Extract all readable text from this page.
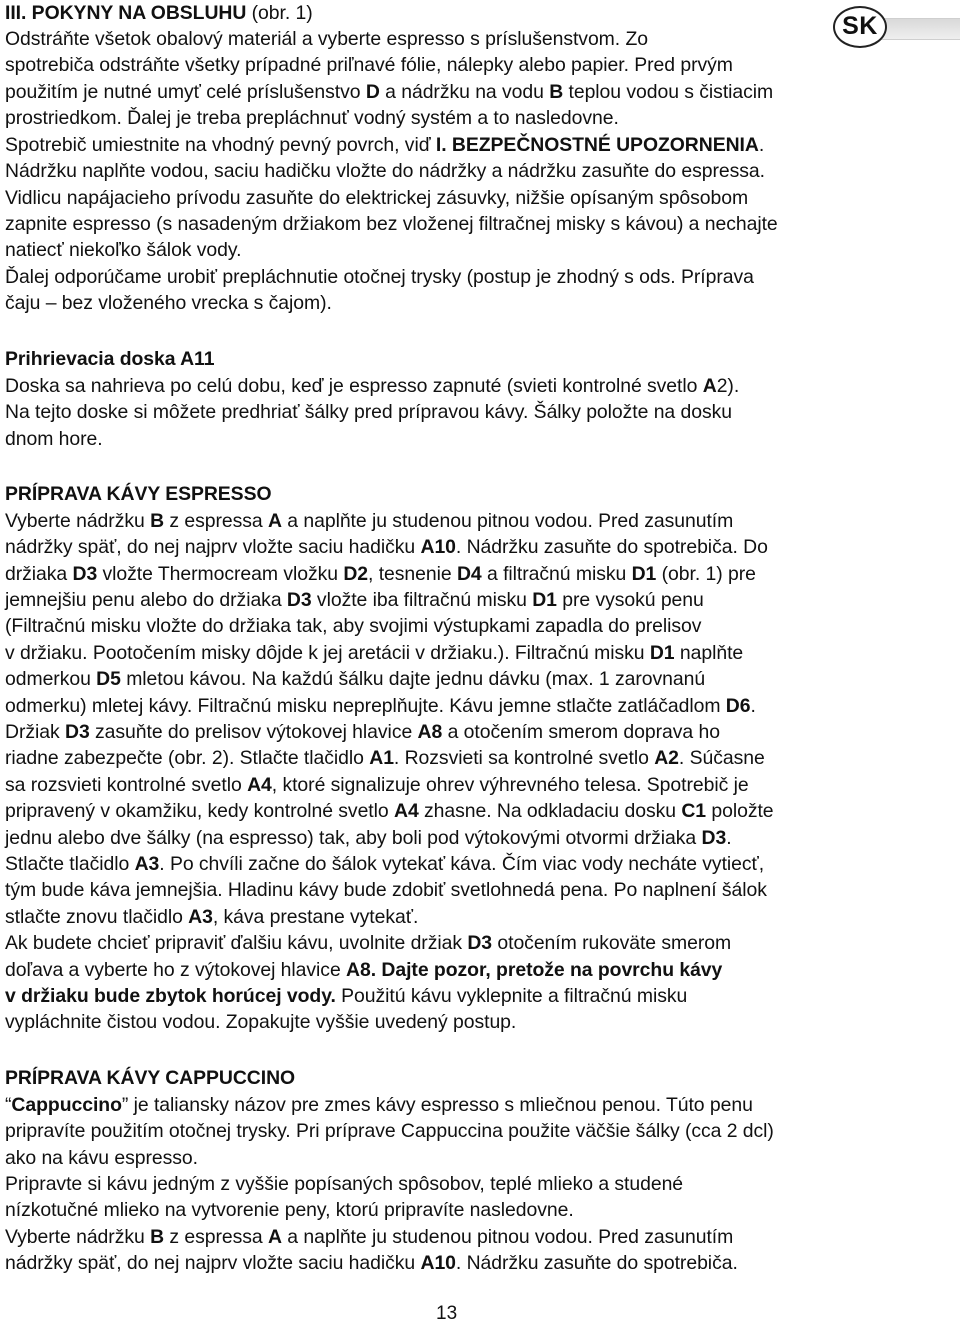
SK
III. POKYNY NA OBSLUHU (obr. 1)
Odstráňte všetok obalový materiál a vyberte espresso s príslušenstvom. Zo
spotrebiča odstráňte všetky prípadné priľnavé fólie, nálepky alebo papier. Pred prvým
použitím je nutné umyť celé príslušenstvo D a nádržku na vodu B teplou vodou s čistiacim
prostriedkom. Ďalej je treba prepláchnuť vodný systém a to nasledovne.
Spotrebič umiestnite na vhodný pevný povrch, viď I. BEZPEČNOSTNÉ UPOZORNENIA.
Nádržku naplňte vodou, saciu hadičku vložte do nádržky a nádržku zasuňte do espressa.
Vidlicu napájacieho prívodu zasuňte do elektrickej zásuvky, nižšie opísaným spôsobom
zapnite espresso (s nasadeným držiakom bez vloženej filtračnej misky s kávou) a nechajte
natiecť niekoľko šálok vody.
Ďalej odporúčame urobiť prepláchnutie otočnej trysky (postup je zhodný s ods. Príprava
čaju – bez vloženého vrecka s čajom).
Prihrievacia doska A11
Doska sa nahrieva po celú dobu, keď je espresso zapnuté (svieti kontrolné svetlo A2).
Na tejto doske si môžete predhriať šálky pred prípravou kávy. Šálky položte na dosku
dnom hore.
PRÍPRAVA KÁVY ESPRESSO
Vyberte nádržku B z espressa A a naplňte ju studenou pitnou vodou. Pred zasunutím
nádržky späť, do nej najprv vložte saciu hadičku A10. Nádržku zasuňte do spotrebiča. Do
držiaka D3 vložte Thermocream vložku D2, tesnenie D4 a filtračnú misku D1 (obr. 1) pre
jemnejšiu penu alebo do držiaka D3 vložte iba filtračnú misku D1 pre vysokú penu
(Filtračnú misku vložte do držiaka tak, aby svojimi výstupkami zapadla do prelisov
v držiaku. Pootočením misky dôjde k jej aretácii v držiaku.). Filtračnú misku D1 naplňte
odmerkou D5 mletou kávou. Na každú šálku dajte jednu dávku (max. 1 zarovnanú
odmerku) mletej kávy. Filtračnú misku nepreplňujte. Kávu jemne stlačte zatláčadlom D6.
Držiak D3 zasuňte do prelisov výtokovej hlavice A8 a otočením smerom doprava ho
riadne zabezpečte (obr. 2). Stlačte tlačidlo A1. Rozsvieti sa kontrolné svetlo A2. Súčasne
sa rozsvieti kontrolné svetlo A4, ktoré signalizuje ohrev výhrevného telesa. Spotrebič je
pripravený v okamžiku, kedy kontrolné svetlo A4 zhasne. Na odkladaciu dosku C1 položte
jednu alebo dve šálky (na espresso) tak, aby boli pod výtokovými otvormi držiaka D3.
Stlačte tlačidlo A3. Po chvíli začne do šálok vytekať káva. Čím viac vody necháte vytiecť,
tým bude káva jemnejšia. Hladinu kávy bude zdobiť svetlohnedá pena. Po naplnení šálok
stlačte znovu tlačidlo A3, káva prestane vytekať.
Ak budete chcieť pripraviť ďalšiu kávu, uvolnite držiak D3 otočením rukoväte smerom
doľava a vyberte ho z výtokovej hlavice A8. Dajte pozor, pretože na povrchu kávy
v držiaku bude zbytok horúcej vody. Použitú kávu vyklepnite a filtračnú misku
vypláchnite čistou vodou. Zopakujte vyššie uvedený postup.
PRÍPRAVA KÁVY CAPPUCCINO
“Cappuccino” je taliansky názov pre zmes kávy espresso s mliečnou penou. Túto penu
pripravíte použitím otočnej trysky. Pri príprave Cappuccina použite väčšie šálky (cca 2 dcl)
ako na kávu espresso.
Pripravte si kávu jedným z vyššie popísaných spôsobov, teplé mlieko a studené
nízkotučné mlieko na vytvorenie peny, ktorú pripravíte nasledovne.
Vyberte nádržku B z espressa A a naplňte ju studenou pitnou vodou. Pred zasunutím
nádržky späť, do nej najprv vložte saciu hadičku A10. Nádržku zasuňte do spotrebiča.
13
